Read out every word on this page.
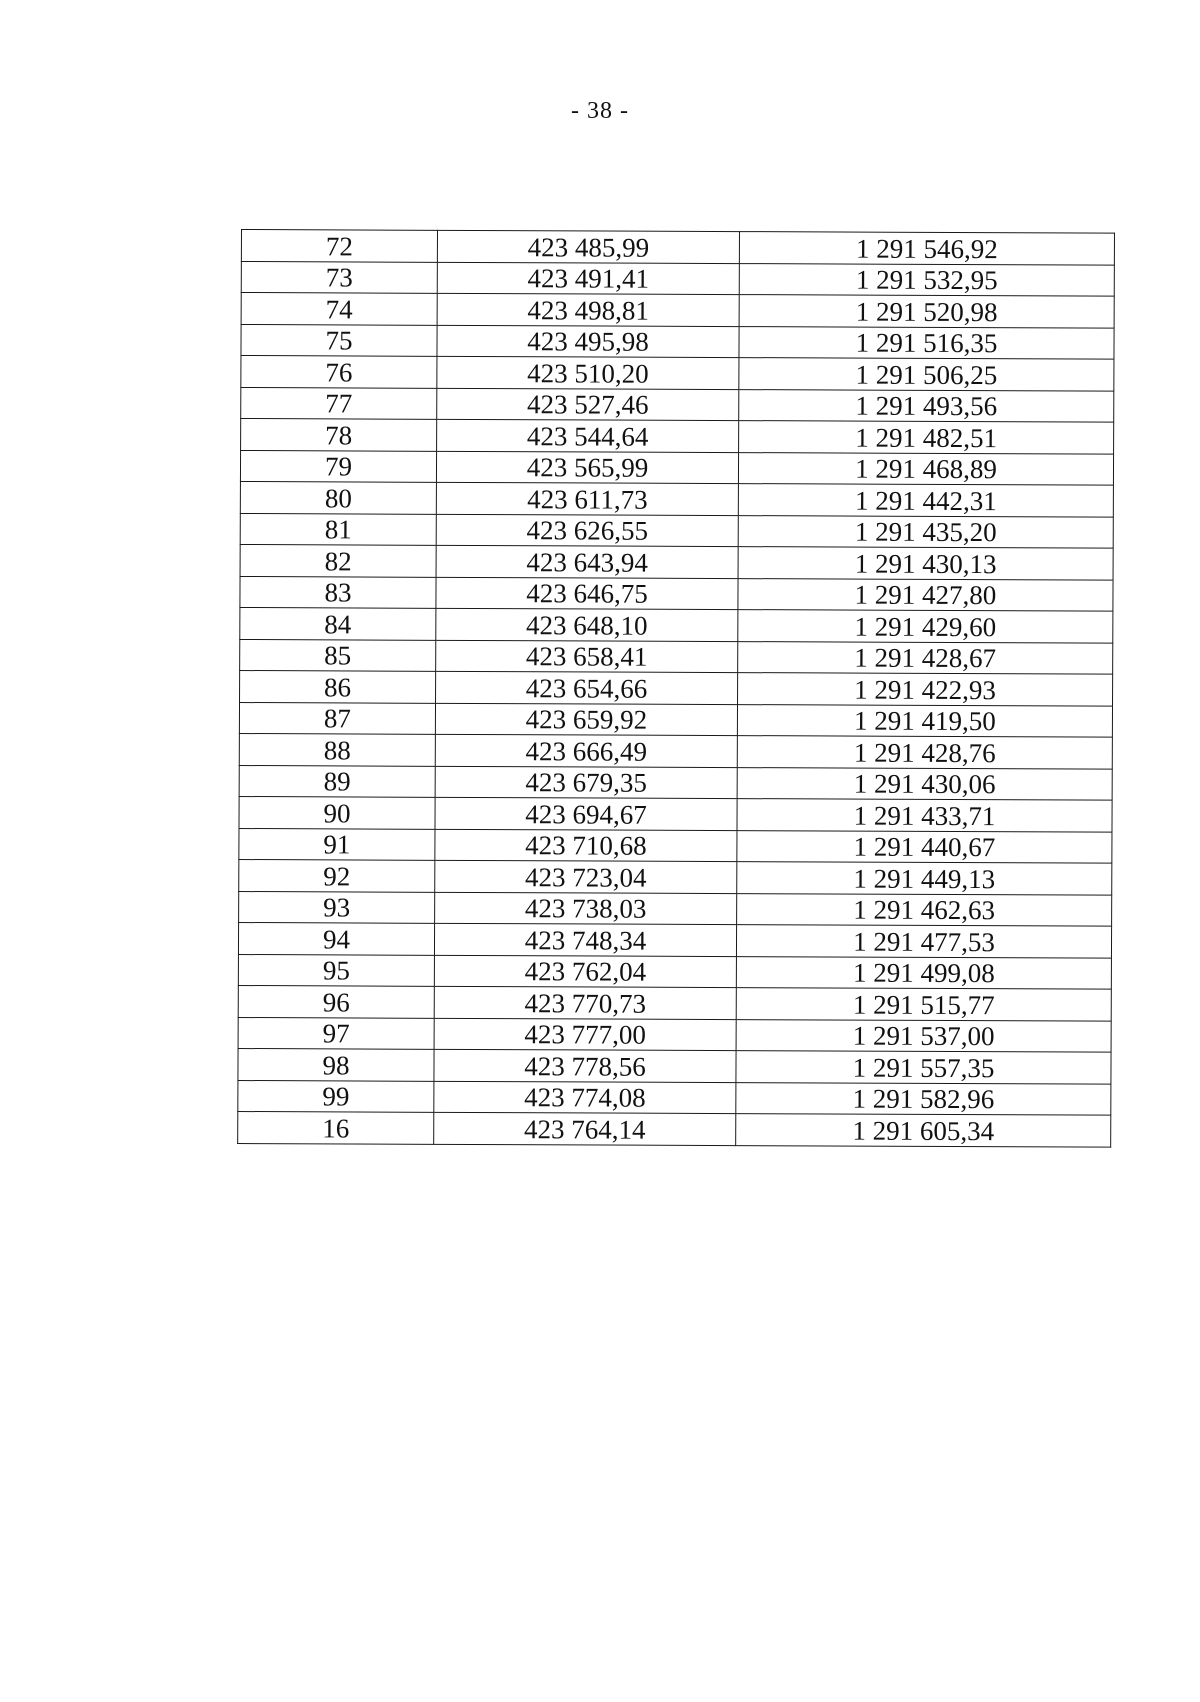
- 38 -
72	423 485,99	1 291 546,92
73	423 491,41	1 291 532,95
74	423 498,81	1 291 520,98
75	423 495,98	1 291 516,35
76	423 510,20	1 291 506,25
77	423 527,46	1 291 493,56
78	423 544,64	1 291 482,51
79	423 565,99	1 291 468,89
80	423 611,73	1 291 442,31
81	423 626,55	1 291 435,20
82	423 643,94	1 291 430,13
83	423 646,75	1 291 427,80
84	423 648,10	1 291 429,60
85	423 658,41	1 291 428,67
86	423 654,66	1 291 422,93
87	423 659,92	1 291 419,50
88	423 666,49	1 291 428,76
89	423 679,35	1 291 430,06
90	423 694,67	1 291 433,71
91	423 710,68	1 291 440,67
92	423 723,04	1 291 449,13
93	423 738,03	1 291 462,63
94	423 748,34	1 291 477,53
95	423 762,04	1 291 499,08
96	423 770,73	1 291 515,77
97	423 777,00	1 291 537,00
98	423 778,56	1 291 557,35
99	423 774,08	1 291 582,96
16	423 764,14	1 291 605,34
